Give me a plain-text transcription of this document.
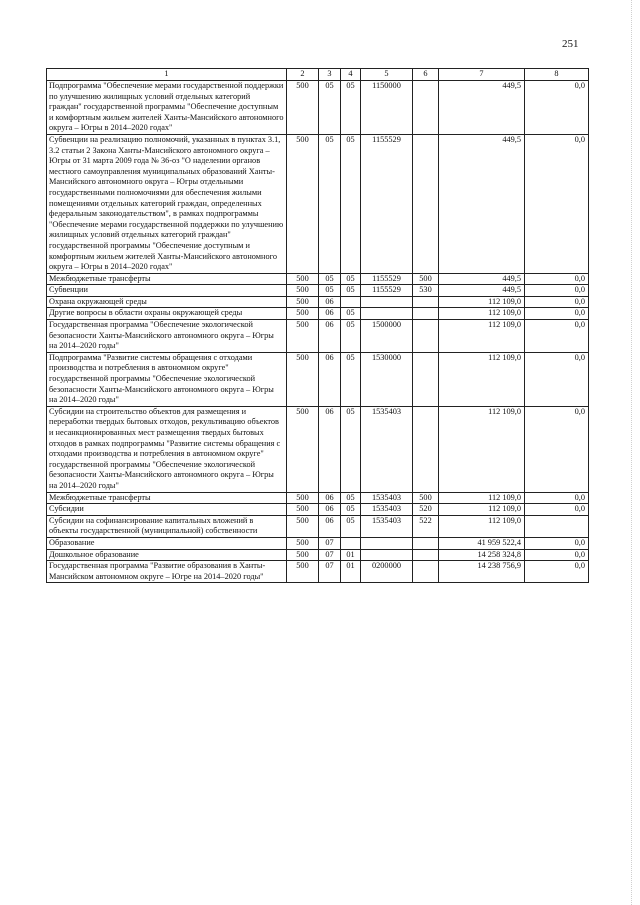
251
1	2	3	4	5	6	7	8
Подпрограмма "Обеспечение мерами государственной поддержки по улучшению жилищных условий отдельных категорий граждан" государственной программы "Обеспечение доступным и комфортным жильем жителей Ханты-Мансийского автономного округа – Югры в 2014–2020 годах"	500	05	05	1150000		449,5	0,0
Субвенции на реализацию полномочий, указанных в пунктах 3.1, 3.2 статьи 2 Закона Ханты-Мансийского автономного округа – Югры от 31 марта 2009 года № 36-оз "О наделении органов местного самоуправления муниципальных образований Ханты-Мансийского автономного округа – Югры отдельными государственными полномочиями для обеспечения жилыми помещениями отдельных категорий граждан, определенных федеральным законодательством", в рамках подпрограммы "Обеспечение мерами государственной поддержки по улучшению жилищных условий отдельных категорий граждан" государственной программы "Обеспечение доступным и комфортным жильем жителей Ханты-Мансийского автономного округа – Югры в 2014–2020 годах"	500	05	05	1155529		449,5	0,0
Межбюджетные трансферты	500	05	05	1155529	500	449,5	0,0
Субвенции	500	05	05	1155529	530	449,5	0,0
Охрана окружающей среды	500	06				112 109,0	0,0
Другие вопросы в области охраны окружающей среды	500	06	05			112 109,0	0,0
Государственная программа "Обеспечение экологической безопасности Ханты-Мансийского автономного округа – Югры на 2014–2020 годы"	500	06	05	1500000		112 109,0	0,0
Подпрограмма "Развитие системы обращения с отходами производства и потребления в автономном округе" государственной программы "Обеспечение экологической безопасности Ханты-Мансийского автономного округа – Югры на 2014–2020 годы"	500	06	05	1530000		112 109,0	0,0
Субсидии на строительство объектов для размещения и переработки твердых бытовых отходов, рекультивацию объектов и несанкционированных мест размещения твердых бытовых отходов в рамках подпрограммы "Развитие системы обращения с отходами производства и потребления в автономном округе" государственной программы "Обеспечение экологической безопасности Ханты-Мансийского автономного округа – Югры на 2014–2020 годы"	500	06	05	1535403		112 109,0	0,0
Межбюджетные трансферты	500	06	05	1535403	500	112 109,0	0,0
Субсидии	500	06	05	1535403	520	112 109,0	0,0
Субсидии на софинансирование капитальных вложений в объекты государственной (муниципальной) собственности	500	06	05	1535403	522	112 109,0	
Образование	500	07				41 959 522,4	0,0
Дошкольное образование	500	07	01			14 258 324,8	0,0
Государственная программа "Развитие образования в Ханты-Мансийском автономном округе – Югре на 2014–2020 годы"	500	07	01	0200000		14 238 756,9	0,0
